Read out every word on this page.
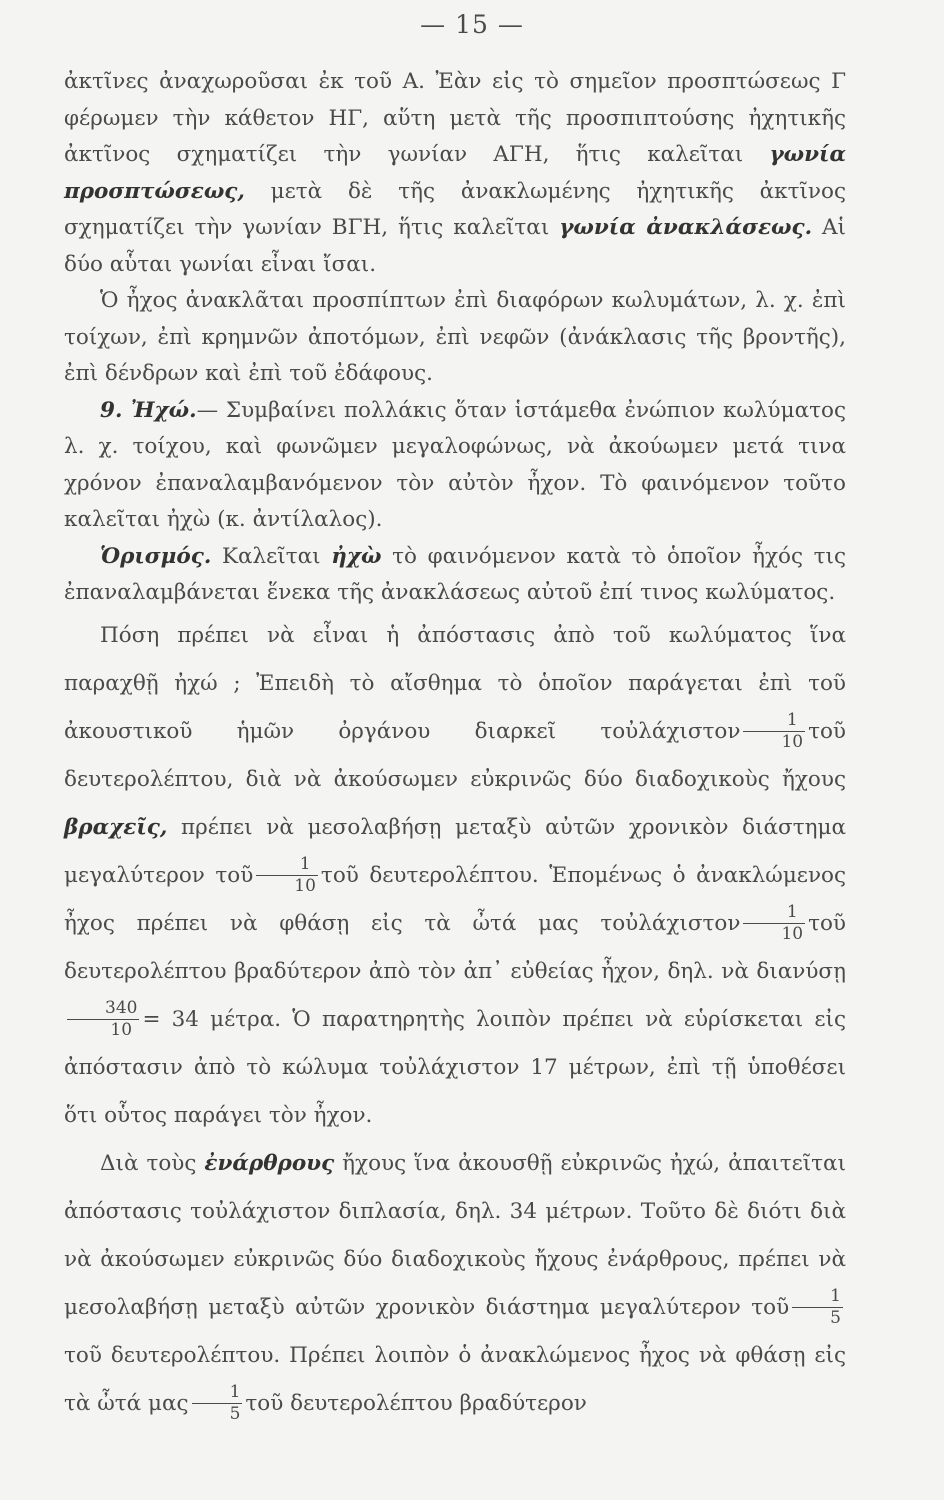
— 15 —

ἀκτῖνες ἀναχωροῦσαι ἐκ τοῦ Α. Ἐὰν εἰς τὸ σημεῖον προσπτώσεως Γ φέρωμεν τὴν κάθετον ΗΓ, αὕτη μετὰ τῆς προσπιπτούσης ἠχητικῆς ἀκτῖνος σχηματίζει τὴν γωνίαν ΑΓΗ, ἥτις καλεῖται γωνία προσπτώσεως, μετὰ δὲ τῆς ἀνακλωμένης ἠχητικῆς ἀκτῖνος σχηματίζει τὴν γωνίαν ΒΓΗ, ἥτις καλεῖται γωνία ἀνακλάσεως. Αἱ δύο αὗται γωνίαι εἶναι ἴσαι.

Ὁ ἦχος ἀνακλᾶται προσπίπτων ἐπὶ διαφόρων κωλυμάτων, λ. χ. ἐπὶ τοίχων, ἐπὶ κρημνῶν ἀποτόμων, ἐπὶ νεφῶν (ἀνάκλασις τῆς βροντῆς), ἐπὶ δένδρων καὶ ἐπὶ τοῦ ἐδάφους.

9. Ἠχώ.— Συμβαίνει πολλάκις ὅταν ἱστάμεθα ἐνώπιον κωλύματος λ. χ. τοίχου, καὶ φωνῶμεν μεγαλοφώνως, νὰ ἀκούωμεν μετά τινα χρόνον ἐπαναλαμβανόμενον τὸν αὐτὸν ἦχον. Τὸ φαινόμενον τοῦτο καλεῖται ἠχὼ (κ. ἀντίλαλος).

Ὁρισμός. Καλεῖται ἠχὼ τὸ φαινόμενον κατὰ τὸ ὁποῖον ἦχός τις ἐπαναλαμβάνεται ἕνεκα τῆς ἀνακλάσεως αὐτοῦ ἐπί τινος κωλύματος.

Πόση πρέπει νὰ εἶναι ἡ ἀπόστασις ἀπὸ τοῦ κωλύματος ἵνα παραχθῇ ἠχώ ; Ἐπειδὴ τὸ αἴσθημα τὸ ὁποῖον παράγεται ἐπὶ τοῦ ἀκουστικοῦ ἡμῶν ὀργάνου διαρκεῖ τοὐλάχιστον $\frac{1}{10}$ τοῦ δευτερολέπτου, διὰ νὰ ἀκούσωμεν εὐκρινῶς δύο διαδοχικοὺς ἤχους βραχεῖς, πρέπει νὰ μεσολαβήσῃ μεταξὺ αὐτῶν χρονικὸν διάστημα μεγαλύτερον τοῦ $\frac{1}{10}$ τοῦ δευτερολέπτου. Ἑπομένως ὁ ἀνακλώμενος ἦχος πρέπει νὰ φθάσῃ εἰς τὰ ὦτά μας τοὐλάχιστον $\frac{1}{10}$ τοῦ δευτερολέπτου βραδύτερον ἀπὸ τὸν ἀπ᾽ εὐθείας ἦχον, δηλ. νὰ διανύσῃ
$\frac{340}{10} = 34$ μέτρα. Ὁ παρατηρητὴς λοιπὸν πρέπει νὰ εὑρίσκεται εἰς ἀπόστασιν ἀπὸ τὸ κώλυμα τοὐλάχιστον 17 μέτρων, ἐπὶ τῇ ὑποθέσει ὅτι οὗτος παράγει τὸν ἦχον.

Διὰ τοὺς ἐνάρθρους ἤχους ἵνα ἀκουσθῇ εὐκρινῶς ἠχώ, ἀπαιτεῖται ἀπόστασις τοὐλάχιστον διπλασία, δηλ. 34 μέτρων. Τοῦτο δὲ διότι διὰ νὰ ἀκούσωμεν εὐκρινῶς δύο διαδοχικοὺς ἤχους ἐνάρθρους, πρέπει νὰ μεσολαβήσῃ μεταξὺ αὐτῶν χρονικὸν διάστημα μεγαλύτερον τοῦ $\frac{1}{5}$
τοῦ δευτερολέπτου. Πρέπει λοιπὸν ὁ ἀνακλώμενος ἦχος νὰ φθάσῃ εἰς τὰ ὦτά μας $\frac{1}{5}$ τοῦ δευτερολέπτου βραδύτερον
